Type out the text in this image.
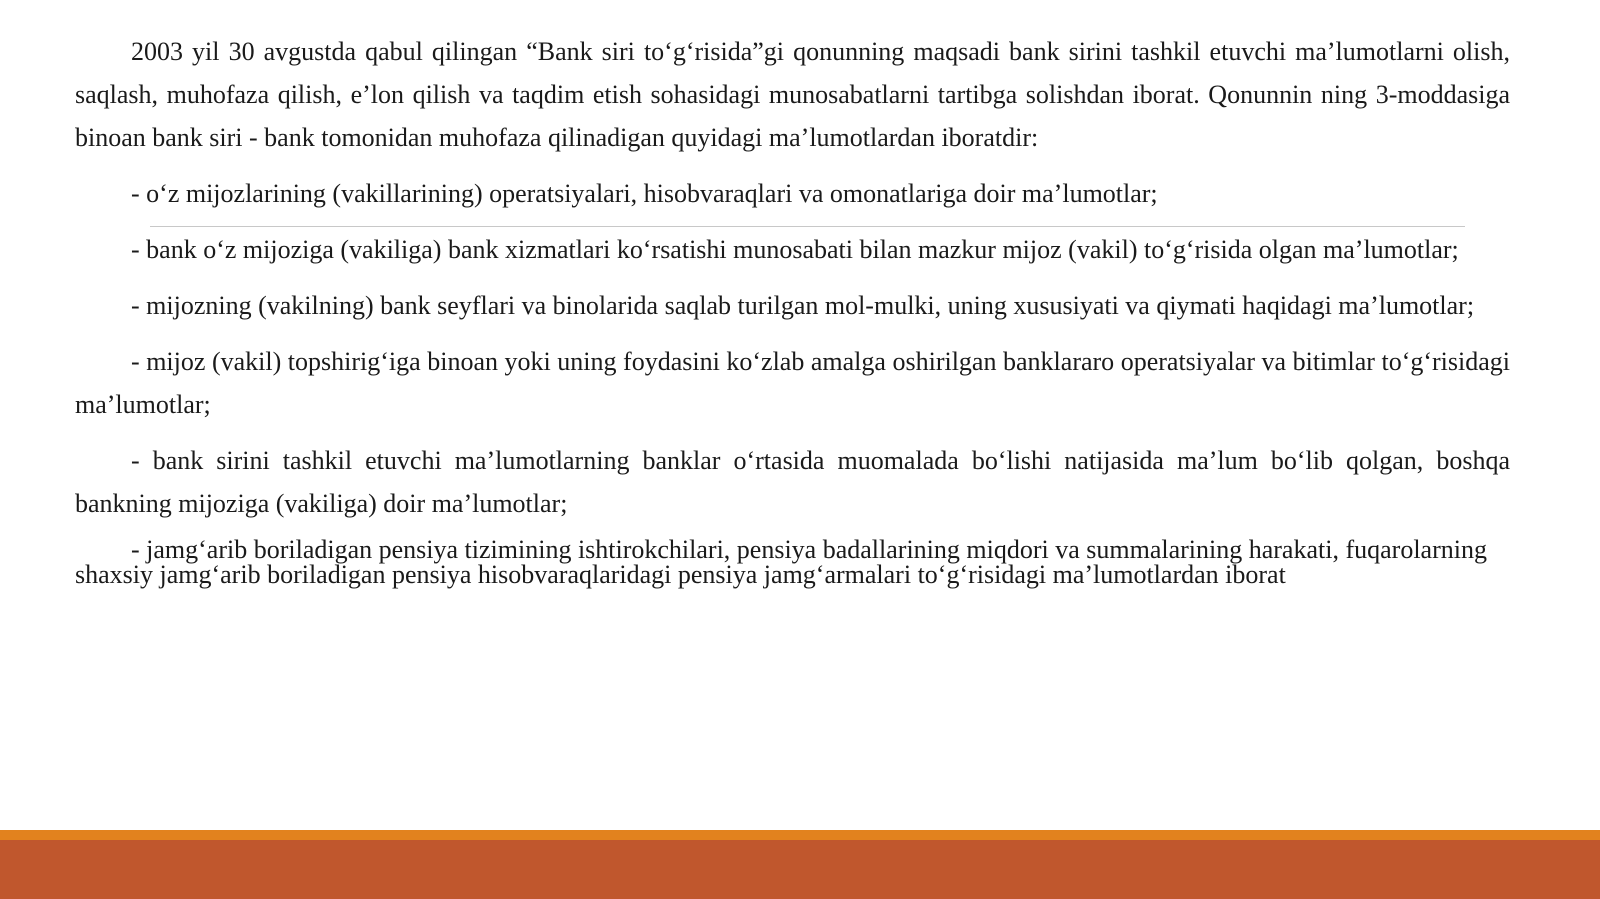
2003 yil 30 avgustda qabul qilingan “Bank siri to‘g‘risida”gi qonunning maqsadi bank sirini tashkil etuvchi ma’lumotlarni olish, saqlash, muhofaza qilish, e’lon qilish va taqdim etish sohasidagi munosabatlarni tartibga solishdan iborat. Qonunnin ning 3-moddasiga binoan bank siri - bank tomonidan muhofaza qilinadigan quyidagi ma’lumotlardan iboratdir:

- o‘z mijozlarining (vakillarining) operatsiyalari, hisobvaraqlari va omonatlariga doir ma’lumotlar;

- bank o‘z mijoziga (vakiliga) bank xizmatlari ko‘rsatishi munosabati bilan mazkur mijoz (vakil) to‘g‘risida olgan ma’lumotlar;

- mijozning (vakilning) bank seyflari va binolarida saqlab turilgan mol-mulki, uning xususiyati va qiymati haqidagi ma’lumotlar;

- mijoz (vakil) topshirig‘iga binoan yoki uning foydasini ko‘zlab amalga oshirilgan banklararo operatsiyalar va bitimlar to‘g‘risidagi ma’lumotlar;

- bank sirini tashkil etuvchi ma’lumotlarning banklar o‘rtasida muomalada bo‘lishi natijasida ma’lum bo‘lib qolgan, boshqa bankning mijoziga (vakiliga) doir ma’lumotlar;

- jamg‘arib boriladigan pensiya tizimining ishtirokchilari, pensiya badallarining miqdori va summalarining harakati, fuqarolarning shaxsiy jamg‘arib boriladigan pensiya hisobvaraqlaridagi pensiya jamg‘armalari to‘g‘risidagi ma’lumotlardan iborat
